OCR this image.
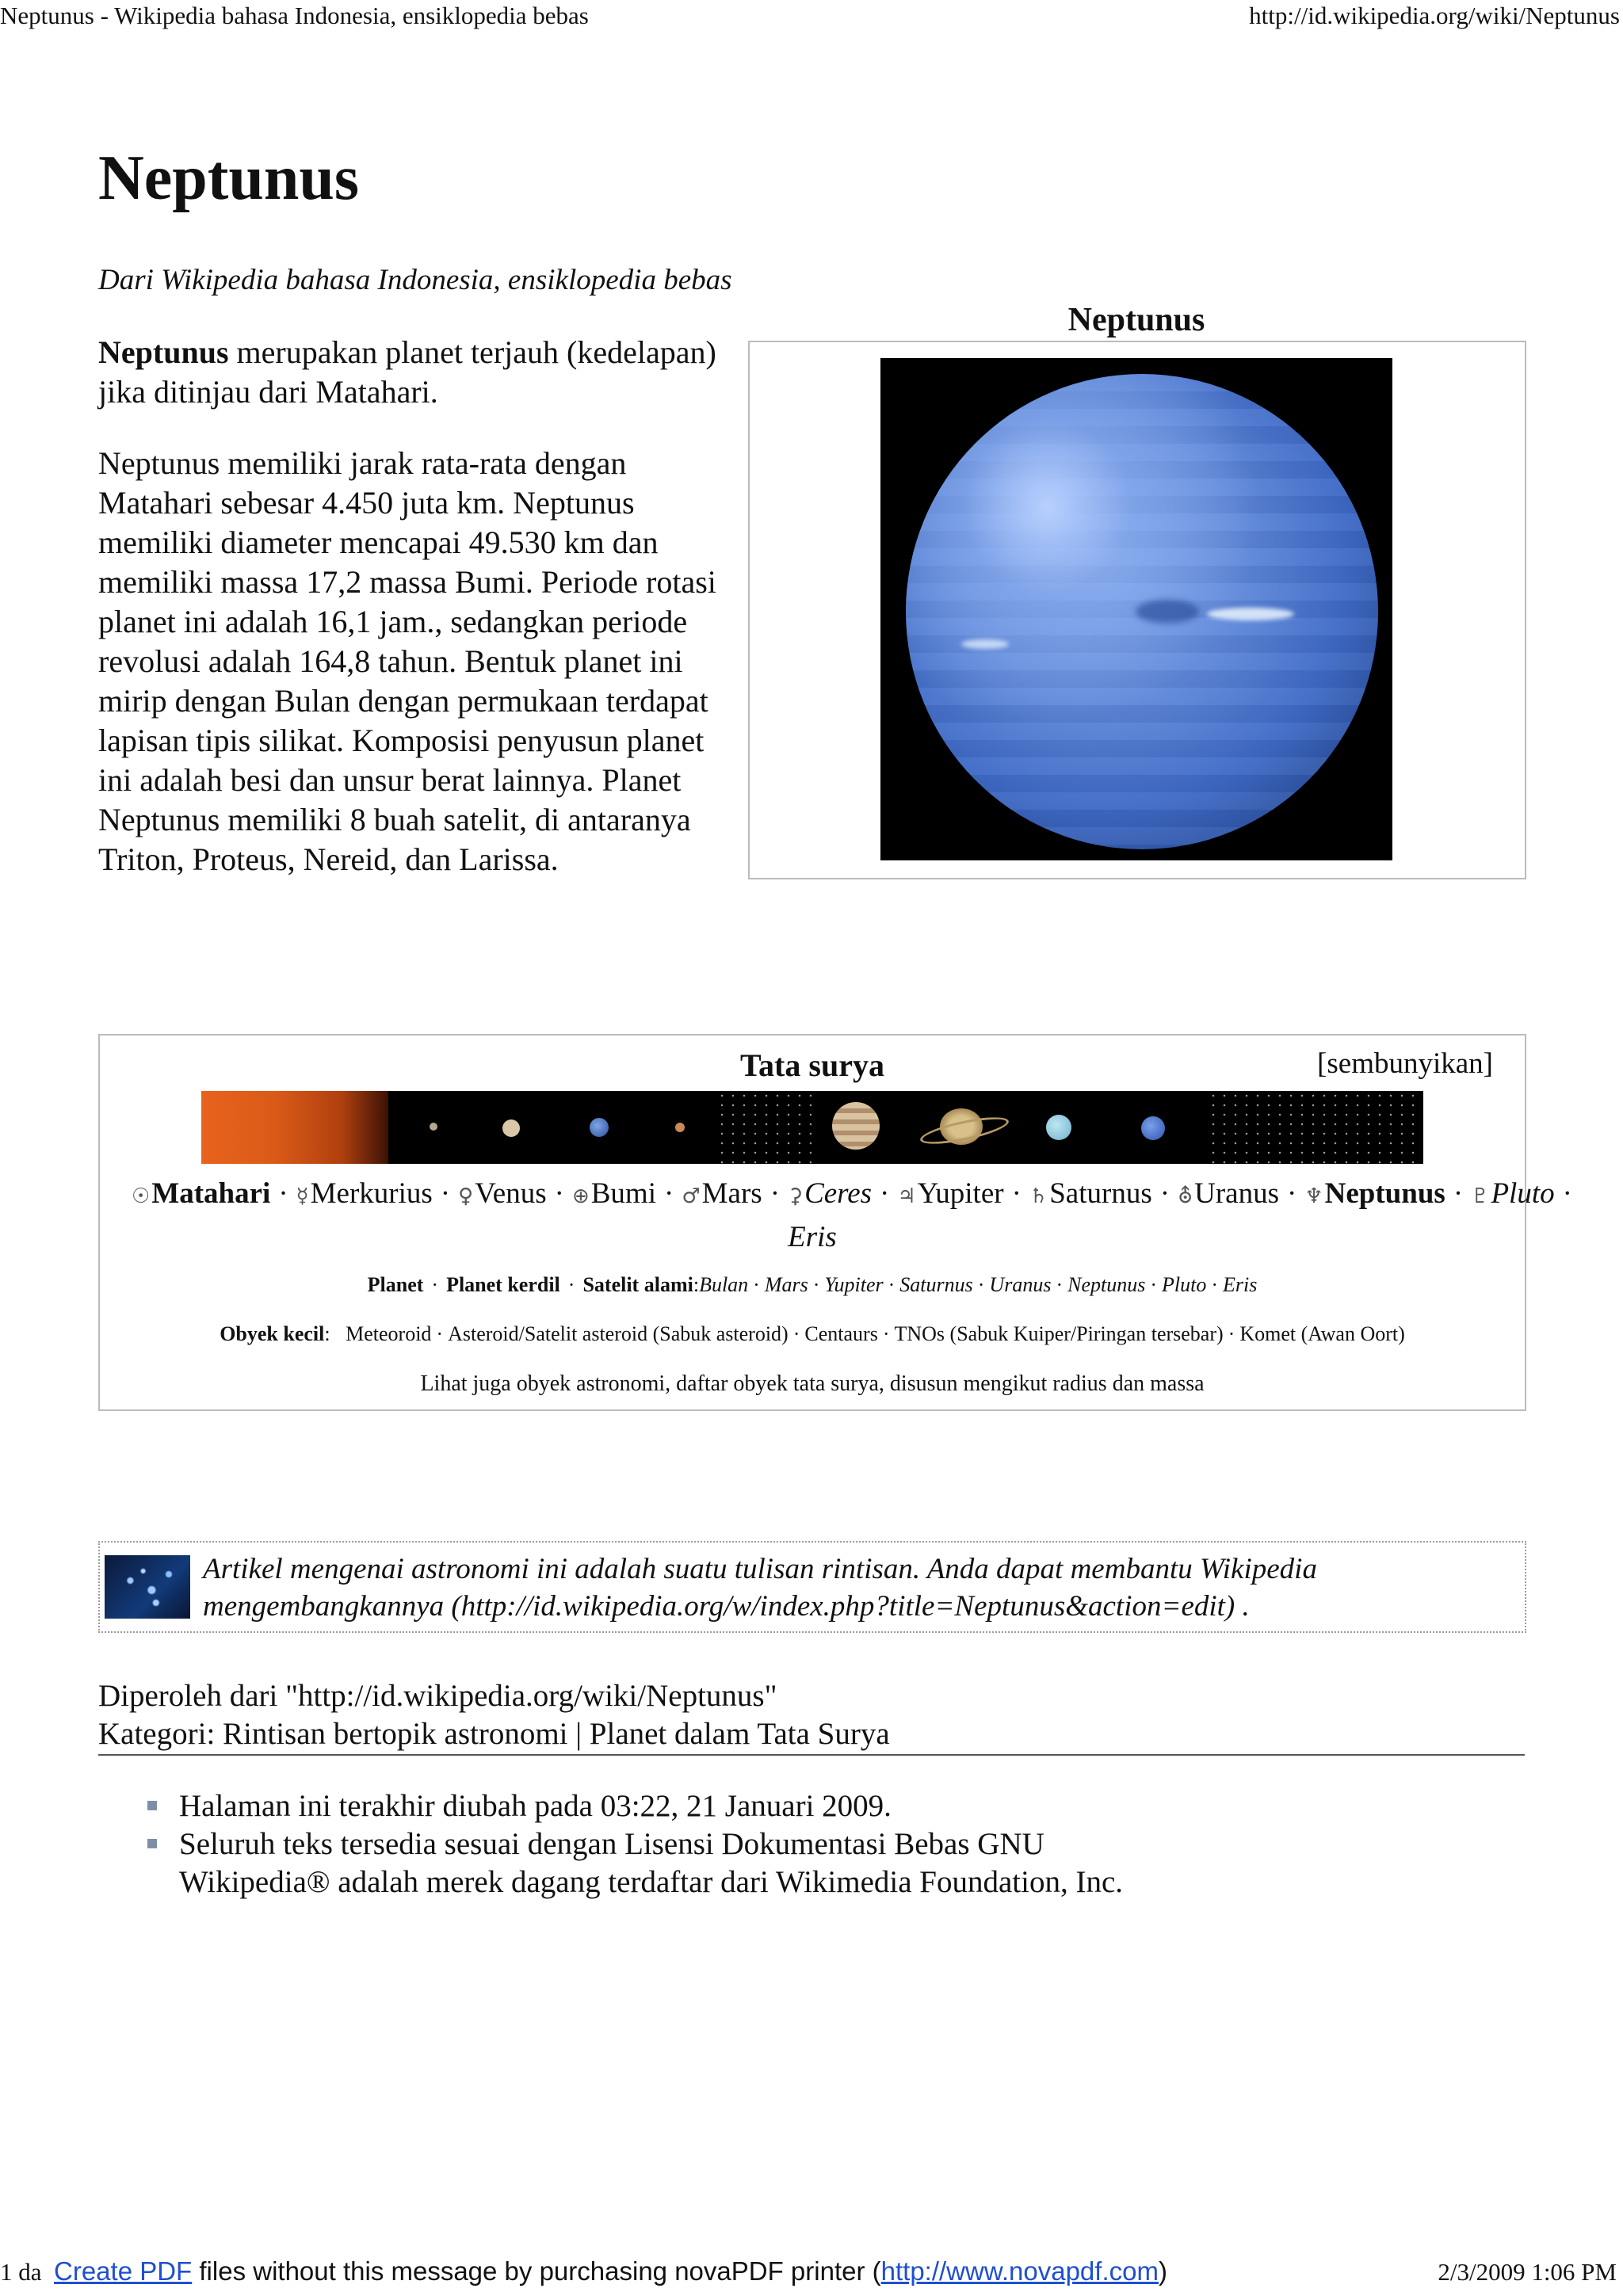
Neptunus - Wikipedia bahasa Indonesia, ensiklopedia bebas	http://id.wikipedia.org/wiki/Neptunus
Neptunus
Dari Wikipedia bahasa Indonesia, ensiklopedia bebas
Neptunus merupakan planet terjauh (kedelapan) jika ditinjau dari Matahari.
Neptunus memiliki jarak rata-rata dengan Matahari sebesar 4.450 juta km. Neptunus memiliki diameter mencapai 49.530 km dan memiliki massa 17,2 massa Bumi. Periode rotasi planet ini adalah 16,1 jam., sedangkan periode revolusi adalah 164,8 tahun. Bentuk planet ini mirip dengan Bulan dengan permukaan terdapat lapisan tipis silikat. Komposisi penyusun planet ini adalah besi dan unsur berat lainnya. Planet Neptunus memiliki 8 buah satelit, di antaranya Triton, Proteus, Nereid, dan Larissa.
Neptunus
Tata surya	[sembunyikan]
☉Matahari · ☿Merkurius · ♀Venus · ⊕Bumi · ♂Mars · ⚳Ceres · ♃Yupiter · ♄Saturnus · ⛢Uranus · ♆Neptunus · ♇Pluto ·
Eris
Planet · Planet kerdil · Satelit alami:Bulan · Mars · Yupiter · Saturnus · Uranus · Neptunus · Pluto · Eris
Obyek kecil:   Meteoroid · Asteroid/Satelit asteroid (Sabuk asteroid) · Centaurs · TNOs (Sabuk Kuiper/Piringan tersebar) · Komet (Awan Oort)
Lihat juga obyek astronomi, daftar obyek tata surya, disusun mengikut radius dan massa
Artikel mengenai astronomi ini adalah suatu tulisan rintisan. Anda dapat membantu Wikipedia
mengembangkannya (http://id.wikipedia.org/w/index.php?title=Neptunus&action=edit) .
Diperoleh dari "http://id.wikipedia.org/wiki/Neptunus"
Kategori: Rintisan bertopik astronomi | Planet dalam Tata Surya
Halaman ini terakhir diubah pada 03:22, 21 Januari 2009.
Seluruh teks tersedia sesuai dengan Lisensi Dokumentasi Bebas GNU
Wikipedia® adalah merek dagang terdaftar dari Wikimedia Foundation, Inc.
1 da Create PDF files without this message by purchasing novaPDF printer (http://www.novapdf.com)	2/3/2009 1:06 PM
